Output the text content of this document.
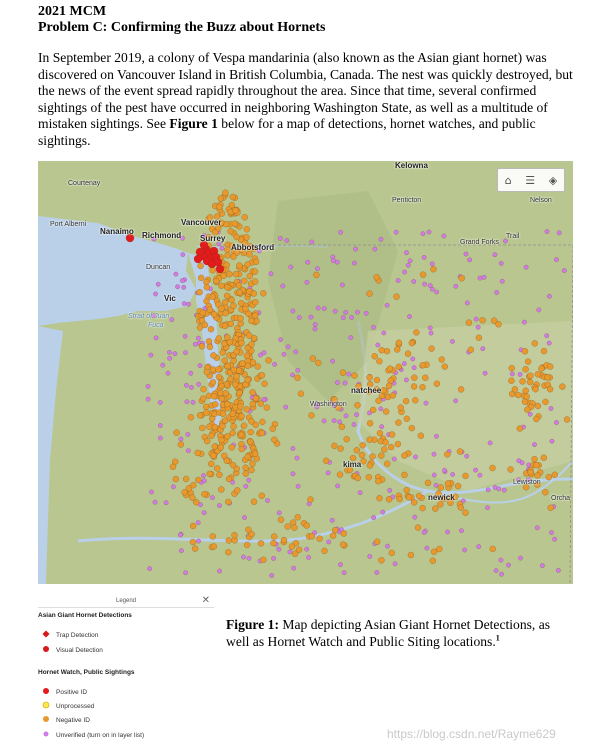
2021 MCM
Problem C: Confirming the Buzz about Hornets
In September 2019, a colony of Vespa mandarinia (also known as the Asian giant hornet) was discovered on Vancouver Island in British Columbia, Canada. The nest was quickly destroyed, but the news of the event spread rapidly throughout the area. Since that time, several confirmed sightings of the pest have occurred in neighboring Washington State, as well as a multitude of mistaken sightings. See Figure 1 below for a map of detections, hornet watches, and public sightings.
Kelowna
Courtenay
Penticton	Nelson
Port Alberni
Nanaimo Richmond
Vancouver
Surrey
Abbotsford
Grand Forks
Trail
Duncan
Vic
Strait of Juan
Fuca
natchee
Washington
kima
newick
Lewiston
Orcha
⌂ ☰ ◈
Legend	✕
Asian Giant Hornet Detections
Trap Detection
Visual Detection
Hornet Watch, Public Sightings
Positive ID
Unprocessed
Negative ID
Unverified (turn on in layer list)
Figure 1: Map depicting Asian Giant Hornet Detections, as well as Hornet Watch and Public Siting locations.$^1$
https://blog.csdn.net/Rayme629
